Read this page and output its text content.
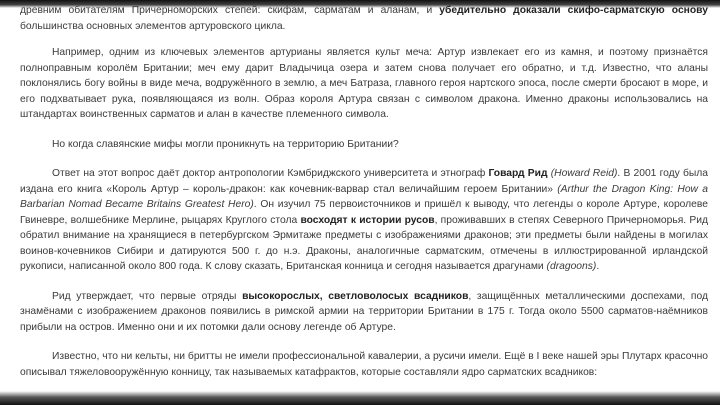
древним обитателям Причерноморских степей: скифам, сарматам и аланам, и убедительно доказали скифо-сарматскую основу большинства основных элементов артуровского цикла.

Например, одним из ключевых элементов артурианы является культ меча: Артур извлекает его из камня, и поэтому признаётся полноправным королём Британии; меч ему дарит Владычица озера и затем снова получает его обратно, и т.д. Известно, что аланы поклонялись богу войны в виде меча, водружённого в землю, а меч Батраза, главного героя нартского эпоса, после смерти бросают в море, и его подхватывает рука, появляющаяся из волн. Образ короля Артура связан с символом дракона. Именно драконы использовались на штандартах воинственных сарматов и алан в качестве племенного символа.

Но когда славянские мифы могли проникнуть на территорию Британии?

Ответ на этот вопрос даёт доктор антропологии Кэмбриджского университета и этнограф Говард Рид (Howard Reid). В 2001 году была издана его книга «Король Артур – король-дракон: как кочевник-варвар стал величайшим героем Британии» (Arthur the Dragon King: How a Barbarian Nomad Became Britains Greatest Hero). Он изучил 75 первоисточников и пришёл к выводу, что легенды о короле Артуре, королеве Гвиневре, волшебнике Мерлине, рыцарях Круглого стола восходят к истории русов, проживавших в степях Северного Причерноморья. Рид обратил внимание на хранящиеся в петербургском Эрмитаже предметы с изображениями драконов; эти предметы были найдены в могилах воинов-кочевников Сибири и датируются 500 г. до н.э. Драконы, аналогичные сарматским, отмечены в иллюстрированной ирландской рукописи, написанной около 800 года. К слову сказать, Британская конница и сегодня называется драгунами (dragoons).

Рид утверждает, что первые отряды высокорослых, светловолосых всадников, защищённых металлическими доспехами, под знамёнами с изображением драконов появились в римской армии на территории Британии в 175 г. Тогда около 5500 сарматов-наёмников прибыли на остров. Именно они и их потомки дали основу легенде об Артуре.

Известно, что ни кельты, ни бритты не имели профессиональной кавалерии, а русичи имели. Ещё в I веке нашей эры Плутарх красочно описывал тяжеловооружённую конницу, так называемых катафрактов, которые составляли ядро сарматских всадников:
